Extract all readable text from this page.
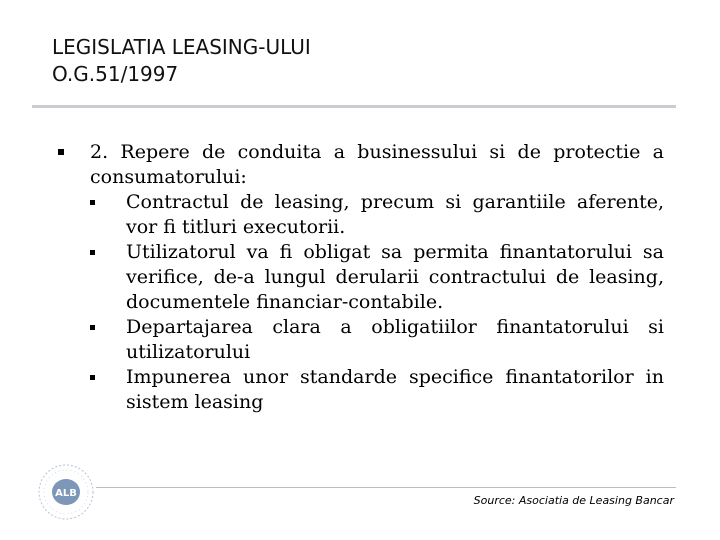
LEGISLATIA LEASING-ULUI
O.G.51/1997
2. Repere de conduita a businessului si de protectie a consumatorului:
Contractul de leasing, precum si garantiile aferente, vor fi titluri executorii.
Utilizatorul va fi obligat sa permita finantatorului sa verifice, de-a lungul derularii contractului de leasing, documentele financiar-contabile.
Departajarea clara a obligatiilor finantatorului si utilizatorului
Impunerea unor standarde specifice finantatorilor in sistem leasing
ALB
Source: Asociatia de Leasing Bancar
